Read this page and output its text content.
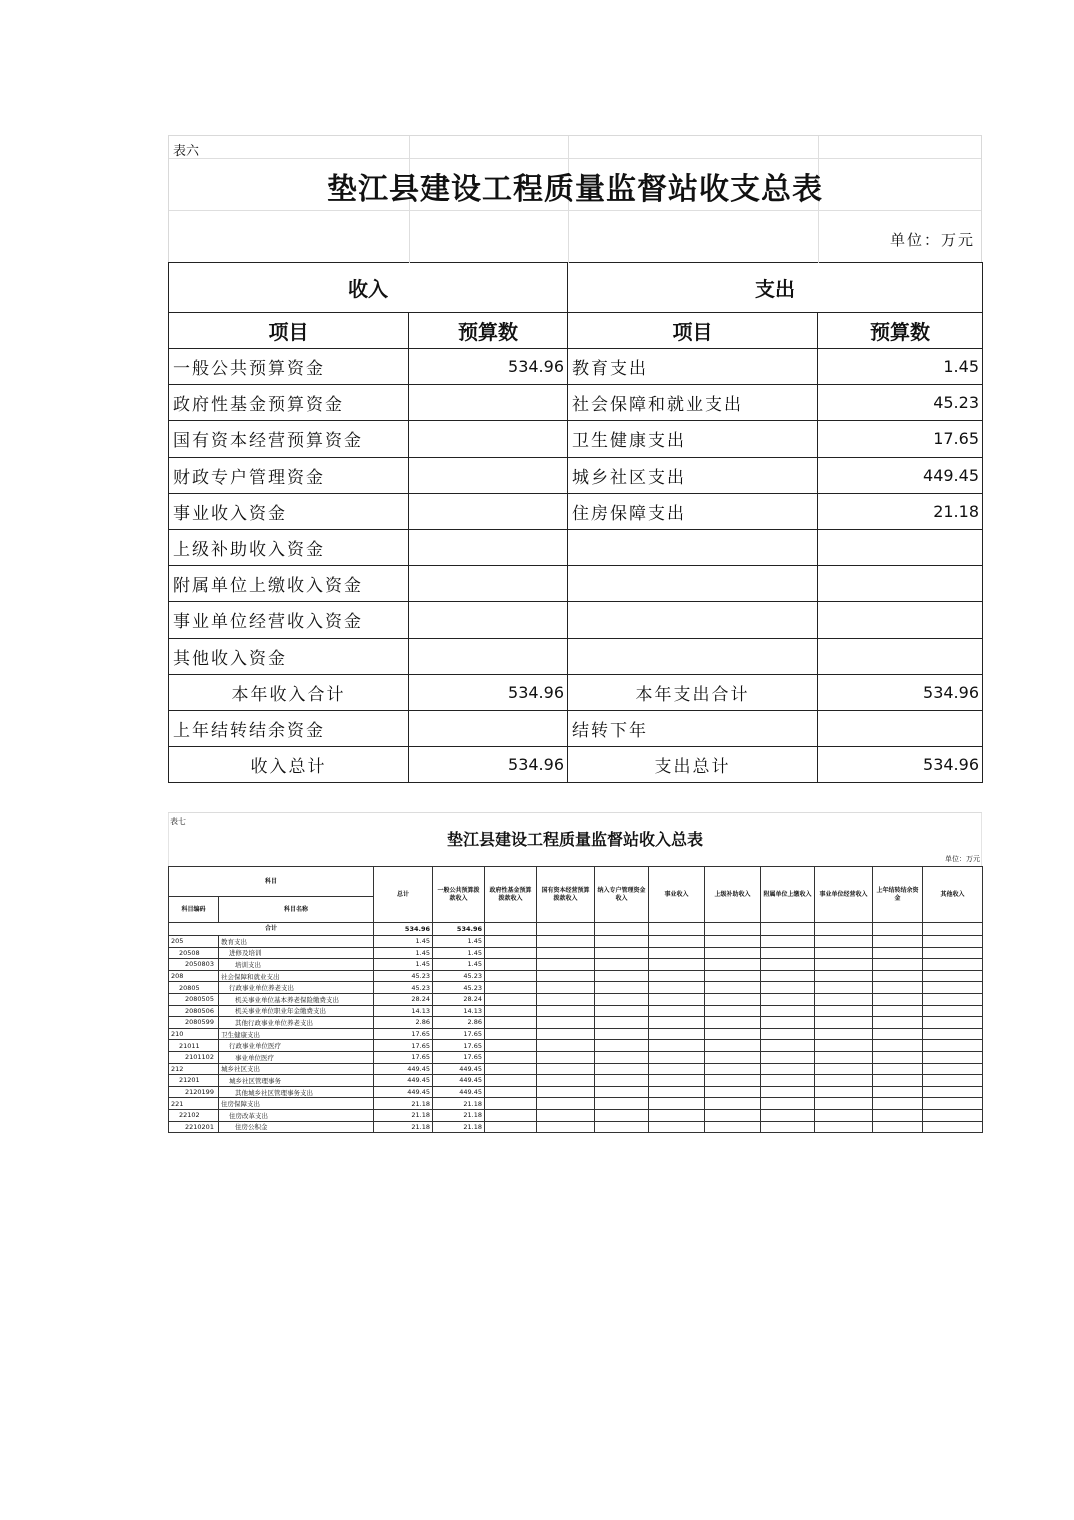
表六
垫江县建设工程质量监督站收支总表
单位：万元
收入		支出	
项目	预算数	项目	预算数
一般公共预算资金	534.96	教育支出	1.45
政府性基金预算资金		社会保障和就业支出	45.23
国有资本经营预算资金		卫生健康支出	17.65
财政专户管理资金		城乡社区支出	449.45
事业收入资金		住房保障支出	21.18
上级补助收入资金			
附属单位上缴收入资金			
事业单位经营收入资金			
其他收入资金			
本年收入合计	534.96	本年支出合计	534.96
上年结转结余资金		结转下年	
收入总计	534.96	支出总计	534.96
表七
垫江县建设工程质量监督站收入总表
单位：万元
科目		总计	一般公共预算拨款收入	政府性基金预算拨款收入	国有资本经营预算拨款收入	纳入专户管理资金收入	事业收入	上级补助收入	附属单位上缴收入	事业单位经营收入	上年结转结余资金	其他收入
科目编码	科目名称											
合计		534.96	534.96									
205	教育支出	1.45	1.45									
20508	进修及培训	1.45	1.45									
2050803	培训支出	1.45	1.45									
208	社会保障和就业支出	45.23	45.23									
20805	行政事业单位养老支出	45.23	45.23									
2080505	机关事业单位基本养老保险缴费支出	28.24	28.24									
2080506	机关事业单位职业年金缴费支出	14.13	14.13									
2080599	其他行政事业单位养老支出	2.86	2.86									
210	卫生健康支出	17.65	17.65									
21011	行政事业单位医疗	17.65	17.65									
2101102	事业单位医疗	17.65	17.65									
212	城乡社区支出	449.45	449.45									
21201	城乡社区管理事务	449.45	449.45									
2120199	其他城乡社区管理事务支出	449.45	449.45									
221	住房保障支出	21.18	21.18									
22102	住房改革支出	21.18	21.18									
2210201	住房公积金	21.18	21.18									
